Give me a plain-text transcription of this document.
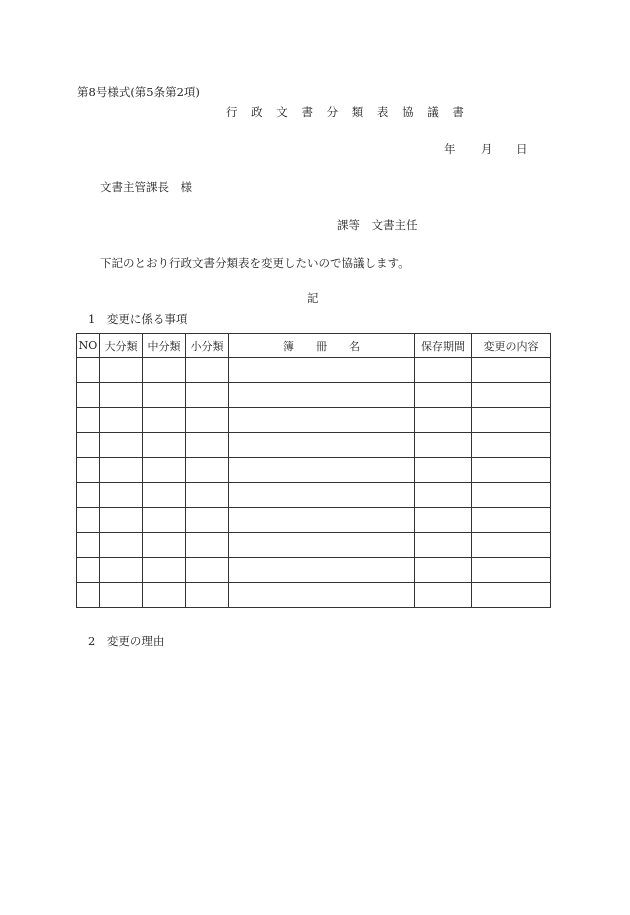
第8号様式(第5条第2項)
行 政 文 書 分 類 表 協 議 書
年 月 日
文書主管課長　様
課等　文書主任
下記のとおり行政文書分類表を変更したいので協議します。
記
1　変更に係る事項
NO	大分類	中分類	小分類	簿　　冊　　名	保存期間	変更の内容

2　変更の理由
